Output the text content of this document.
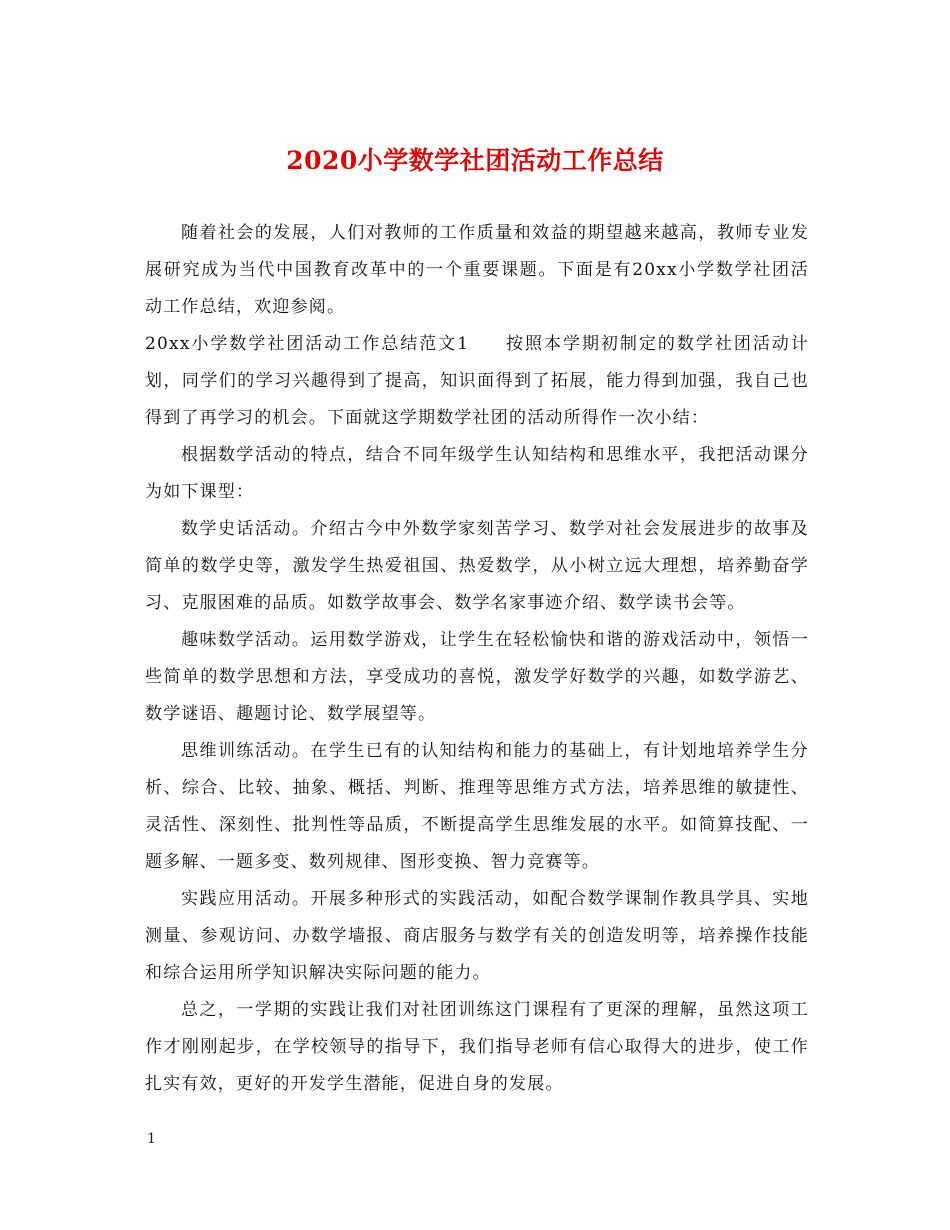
2020小学数学社团活动工作总结

随着社会的发展，人们对教师的工作质量和效益的期望越来越高，教师专业发展研究成为当代中国教育改革中的一个重要课题。下面是有20xx小学数学社团活动工作总结，欢迎参阅。

20xx小学数学社团活动工作总结范文1 按照本学期初制定的数学社团活动计划，同学们的学习兴趣得到了提高，知识面得到了拓展，能力得到加强，我自己也得到了再学习的机会。下面就这学期数学社团的活动所得作一次小结：

根据数学活动的特点，结合不同年级学生认知结构和思维水平，我把活动课分为如下课型：

数学史话活动。介绍古今中外数学家刻苦学习、数学对社会发展进步的故事及简单的数学史等，激发学生热爱祖国、热爱数学，从小树立远大理想，培养勤奋学习、克服困难的品质。如数学故事会、数学名家事迹介绍、数学读书会等。

趣味数学活动。运用数学游戏，让学生在轻松愉快和谐的游戏活动中，领悟一些简单的数学思想和方法，享受成功的喜悦，激发学好数学的兴趣，如数学游艺、数学谜语、趣题讨论、数学展望等。

思维训练活动。在学生已有的认知结构和能力的基础上，有计划地培养学生分析、综合、比较、抽象、概括、判断、推理等思维方式方法，培养思维的敏捷性、灵活性、深刻性、批判性等品质，不断提高学生思维发展的水平。如简算技配、一题多解、一题多变、数列规律、图形变换、智力竞赛等。

实践应用活动。开展多种形式的实践活动，如配合数学课制作教具学具、实地测量、参观访问、办数学墙报、商店服务与数学有关的创造发明等，培养操作技能和综合运用所学知识解决实际问题的能力。

总之，一学期的实践让我们对社团训练这门课程有了更深的理解，虽然这项工作才刚刚起步，在学校领导的指导下，我们指导老师有信心取得大的进步，使工作扎实有效，更好的开发学生潜能，促进自身的发展。

1
